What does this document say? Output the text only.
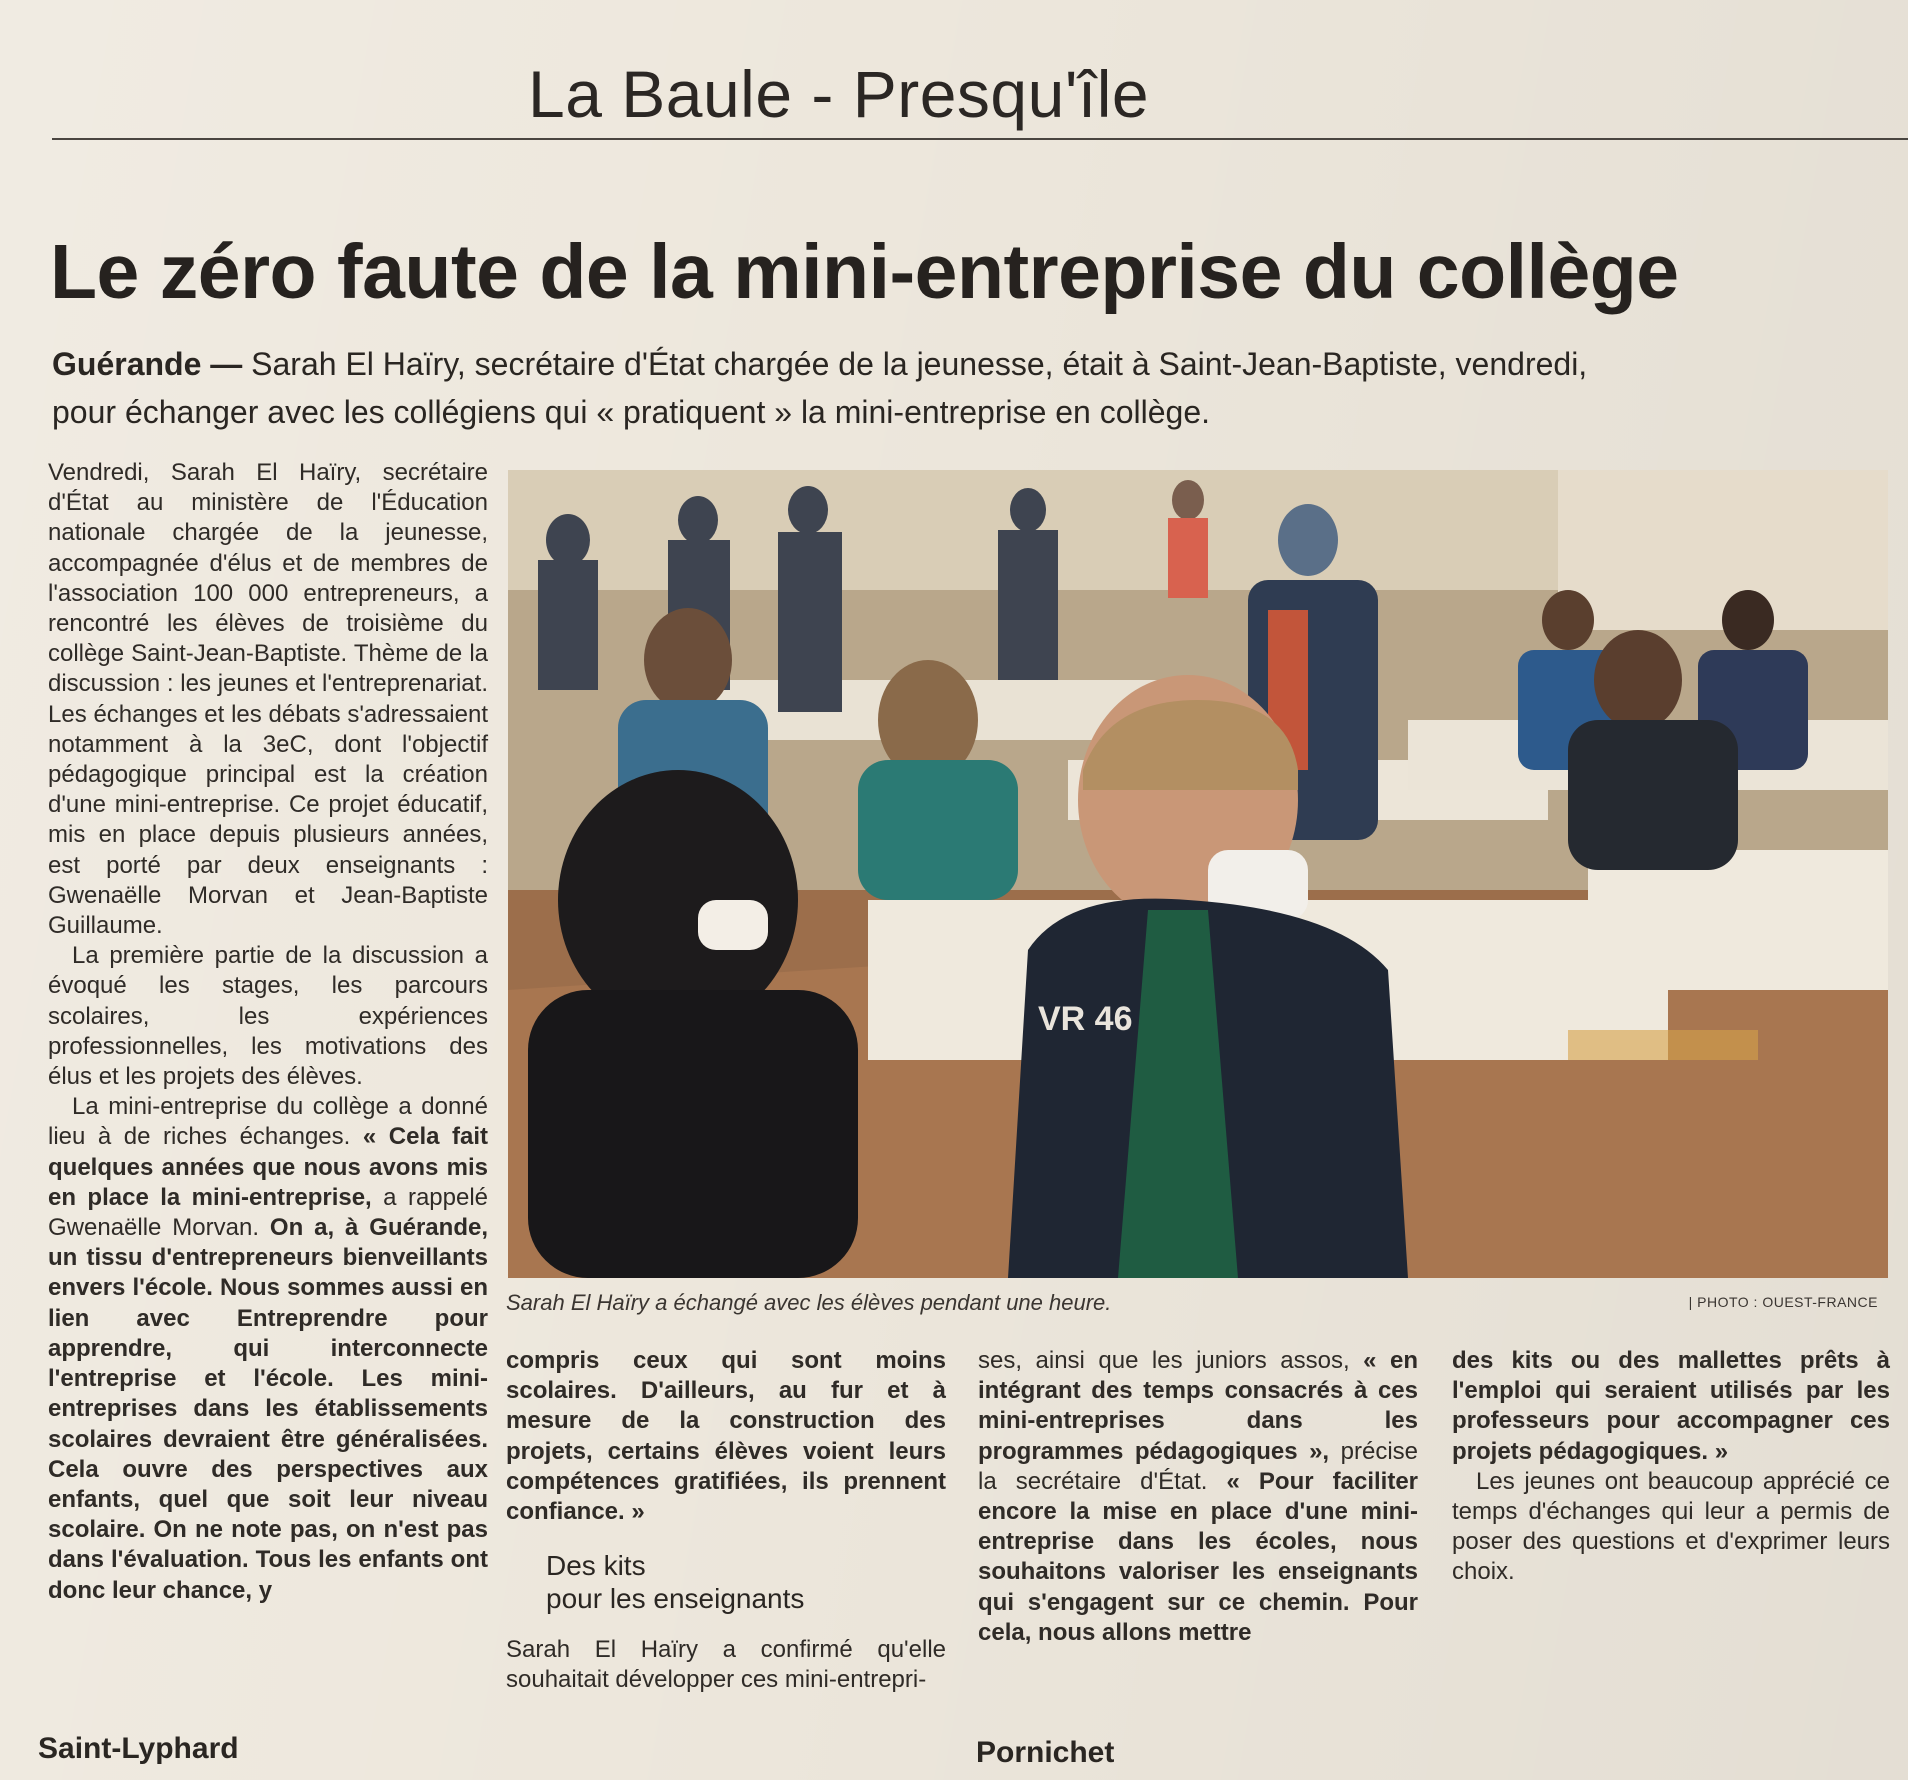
La Baule - Presqu'île
Le zéro faute de la mini-entreprise du collège
Guérande — Sarah El Haïry, secrétaire d'État chargée de la jeunesse, était à Saint-Jean-Baptiste, vendredi, pour échanger avec les collégiens qui « pratiquent » la mini-entreprise en collège.

Vendredi, Sarah El Haïry, secrétaire d'État au ministère de l'Éducation nationale chargée de la jeunesse, accompagnée d'élus et de membres de l'association 100 000 entrepreneurs, a rencontré les élèves de troisième du collège Saint-Jean-Baptiste. Thème de la discussion : les jeunes et l'entreprenariat. Les échanges et les débats s'adressaient notamment à la 3eC, dont l'objectif pédagogique principal est la création d'une mini-entreprise. Ce projet éducatif, mis en place depuis plusieurs années, est porté par deux enseignants : Gwenaëlle Morvan et Jean-Baptiste Guillaume.

La première partie de la discussion a évoqué les stages, les parcours scolaires, les expériences professionnelles, les motivations des élus et les projets des élèves.

La mini-entreprise du collège a donné lieu à de riches échanges. « Cela fait quelques années que nous avons mis en place la mini-entreprise, a rappelé Gwenaëlle Morvan. On a, à Guérande, un tissu d'entrepreneurs bienveillants envers l'école. Nous sommes aussi en lien avec Entreprendre pour apprendre, qui interconnecte l'entreprise et l'école. Les mini-entreprises dans les établissements scolaires devraient être généralisées. Cela ouvre des perspectives aux enfants, quel que soit leur niveau scolaire. On ne note pas, on n'est pas dans l'évaluation. Tous les enfants ont donc leur chance, y

VR 46
Sarah El Haïry a échangé avec les élèves pendant une heure.	| PHOTO : OUEST-FRANCE

compris ceux qui sont moins scolaires. D'ailleurs, au fur et à mesure de la construction des projets, certains élèves voient leurs compétences gratifiées, ils prennent confiance. »

Des kits
pour les enseignants

Sarah El Haïry a confirmé qu'elle souhaitait développer ces mini-entrepri-

ses, ainsi que les juniors assos, « en intégrant des temps consacrés à ces mini-entreprises dans les programmes pédagogiques », précise la secrétaire d'État. « Pour faciliter encore la mise en place d'une mini-entreprise dans les écoles, nous souhaitons valoriser les enseignants qui s'engagent sur ce chemin. Pour cela, nous allons mettre

des kits ou des mallettes prêts à l'emploi qui seraient utilisés par les professeurs pour accompagner ces projets pédagogiques. »

Les jeunes ont beaucoup apprécié ce temps d'échanges qui leur a permis de poser des questions et d'exprimer leurs choix.

Saint-Lyphard	Pornichet
